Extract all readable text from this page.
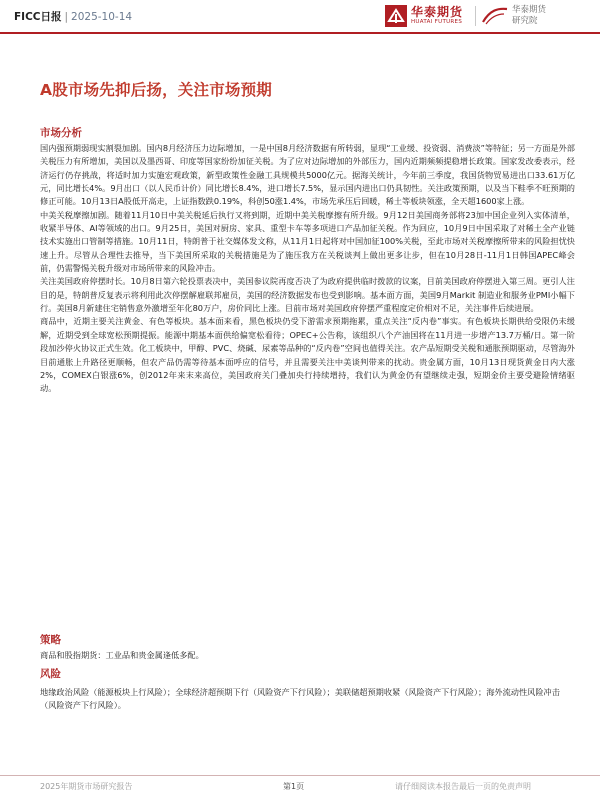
FICC日报 | 2025-10-14	华泰期货
HUATAI FUTURES
华泰期货
研究院
A股市场先抑后扬，关注市场预期
市场分析

国内强预期弱现实割裂加剧。国内8月经济压力边际增加，一是中国8月经济数据有所转弱，显现“工业缓、投资弱、消费淡”等特征；另一方面是外部关税压力有所增加，美国以及墨西哥、印度等国家纷纷加征关税。为了应对边际增加的外部压力，国内近期频频提稳增长政策。国家发改委表示，经济运行仍存挑战，将适时加力实施宏观政策，新型政策性金融工具规模共5000亿元。据海关统计，今年前三季度，我国货物贸易进出口33.61万亿元，同比增长4%。9月出口（以人民币计价）同比增长8.4%，进口增长7.5%，显示国内进出口仍具韧性。关注政策预期，以及当下鞋季不旺预期的修正可能。10月13日A股低开高走，上证指数跌0.19%，科创50涨1.4%，市场先承压后回暖，稀土等板块领涨，全天超1600家上涨。

中美关税摩擦加剧。随着11月10日中美关税延后执行又将到期，近期中美关税摩擦有所升级。9月12日美国商务部将23加中国企业列入实体清单，收紧半导体、AI等领域的出口。9月25日，美国对厨房、家具、重型卡车等多项进口产品加征关税。作为回应，10月9日中国采取了对稀土全产业链技术实施出口管制等措施。10月11日，特朗普于社交媒体发文称，从11月1日起将对中国加征100%关税，至此市场对关税摩擦所带来的风险担忧快速上升。尽管从合理性去推导，当下美国所采取的关税措施是为了施压我方在关税谈判上做出更多让步，但在10月28日-11月1日韩国APEC峰会前，仍需警惕关税升级对市场所带来的风险冲击。

关注美国政府停摆时长。10月8日第六轮投票表决中，美国参议院再度否决了为政府提供临时拨款的议案，目前美国政府停摆进入第三周。更引人注目的是，特朗普反复表示将利用此次停摆解雇联邦雇员，美国的经济数据发布也受到影响。基本面方面，美国9月Markit 制造业和服务业PMI小幅下行。美国8月新建住宅销售意外激增至年化80万户，房价同比上涨。目前市场对美国政府停摆严重程度定价相对不足，关注事件后续进展。

商品中，近期主要关注黄金、有色等板块。基本面来看，黑色板块仍受下游需求预期拖累，重点关注“反内卷”事实。有色板块长期供给受限仍未缓解，近期受到全球宽松预期提振。能源中期基本面供给偏宽松看待；OPEC+公告称，该组织八个产油国将在11月进一步增产13.7万桶/日。第一阶段加沙停火协议正式生效。化工板块中，甲醇、PVC、烧碱、尿素等品种的“反内卷”空间也值得关注。农产品短期受关税和通胀预期驱动，尽管海外目前通胀上升路径更顺畅，但农产品仍需等待基本面呼应的信号，并且需要关注中美谈判带来的扰动。贵金属方面，10月13日现货黄金日内大涨2%，COMEX白银涨6%，创2012年来末来高位，美国政府关门叠加央行持续增持，我们认为黄金仍有望继续走强，短期金价主要受避险情绪驱动。

策略
商品和股指期货：工业品和贵金属逢低多配。
风险
地缘政治风险（能源板块上行风险）；全球经济超预期下行（风险资产下行风险）；美联储超预期收紧（风险资产下行风险）；海外流动性风险冲击（风险资产下行风险）。
2025年期货市场研究报告	第1页	请仔细阅读本报告最后一页的免责声明
